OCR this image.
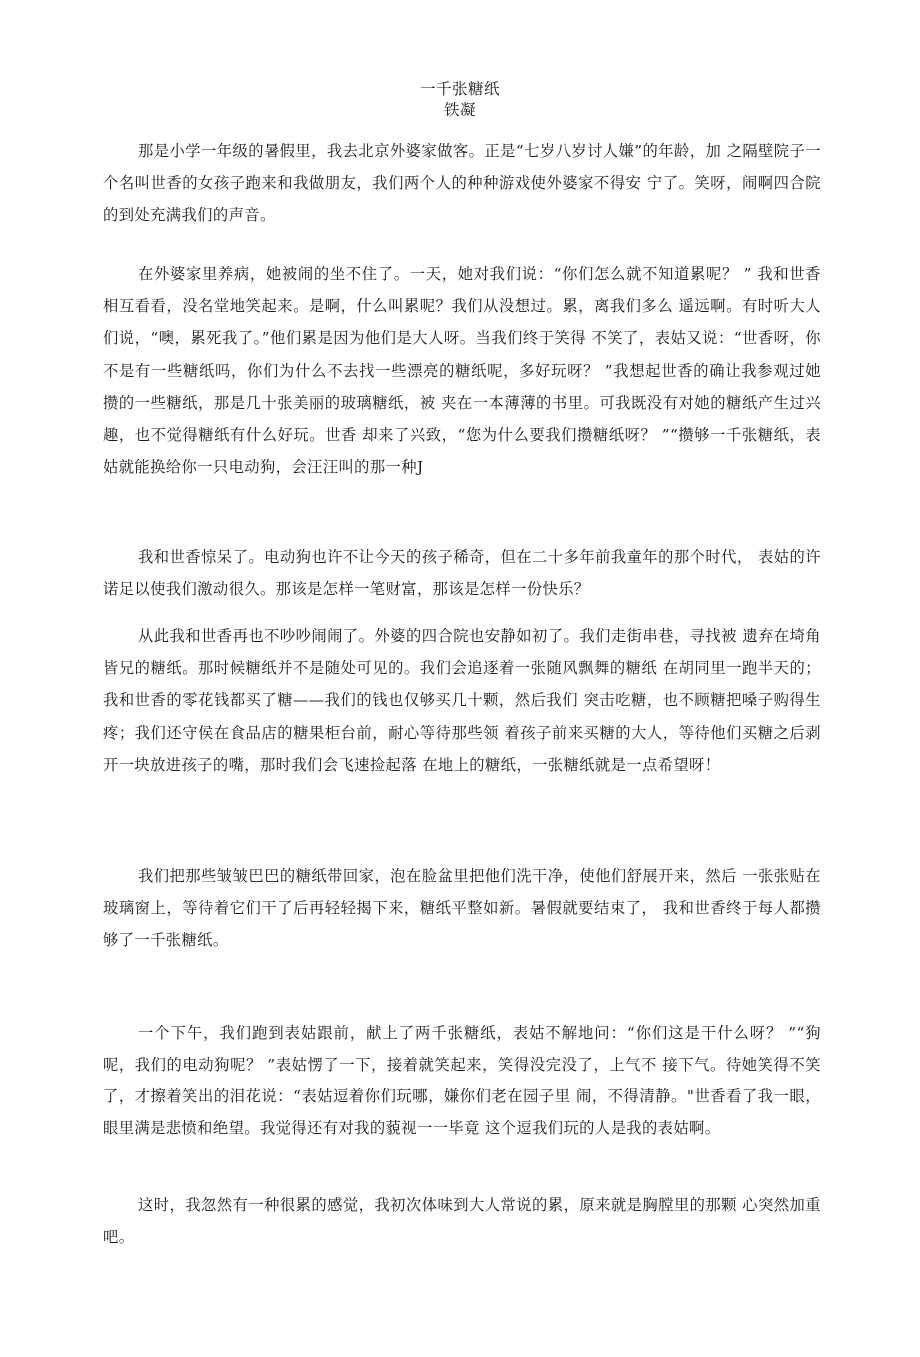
一千张糖纸
铁凝

那是小学一年级的暑假里，我去北京外婆家做客。正是“七岁八岁讨人嫌”的年龄，加 之隔壁院子一个名叫世香的女孩子跑来和我做朋友，我们两个人的种种游戏使外婆家不得安 宁了。笑呀，闹啊四合院的到处充满我们的声音。

在外婆家里养病，她被闹的坐不住了。一天，她对我们说：“你们怎么就不知道累呢？ ” 我和世香相互看看，没名堂地笑起来。是啊，什么叫累呢？我们从没想过。累，离我们多么 遥远啊。有时听大人们说，“噢，累死我了。”他们累是因为他们是大人呀。当我们终于笑得 不笑了，表姑又说：“世香呀，你不是有一些糖纸吗，你们为什么不去找一些漂亮的糖纸呢，多好玩呀？ ”我想起世香的确让我参观过她攒的一些糖纸，那是几十张美丽的玻璃糖纸，被 夹在一本薄薄的书里。可我既没有对她的糖纸产生过兴趣，也不觉得糖纸有什么好玩。世香 却来了兴致，“您为什么要我们攒糖纸呀？ ”“攒够一千张糖纸，表姑就能换给你一只电动狗，会汪汪叫的那一种J

我和世香惊呆了。电动狗也许不让今天的孩子稀奇，但在二十多年前我童年的那个时代， 表姑的许诺足以使我们激动很久。那该是怎样一笔财富，那该是怎样一份快乐？

从此我和世香再也不吵吵闹闹了。外婆的四合院也安静如初了。我们走街串巷，寻找被 遗弃在埼角皆兄的糖纸。那时候糖纸并不是随处可见的。我们会追逐着一张随风飘舞的糖纸 在胡同里一跑半天的；我和世香的零花钱都买了糖——我们的钱也仅够买几十颗，然后我们 突击吃糖，也不顾糖把嗓子购得生疼；我们还守侯在食品店的糖果柜台前，耐心等待那些领 着孩子前来买糖的大人，等待他们买糖之后剥开一块放进孩子的嘴，那时我们会飞速捡起落 在地上的糖纸，一张糖纸就是一点希望呀！

我们把那些皱皱巴巴的糖纸带回家，泡在脸盆里把他们洗干净，使他们舒展开来，然后 一张张贴在玻璃窗上，等待着它们干了后再轻轻揭下来，糖纸平整如新。暑假就要结束了， 我和世香终于每人都攒够了一千张糖纸。

一个下午，我们跑到表姑跟前，献上了两千张糖纸，表姑不解地问：“你们这是干什么呀？ ”“狗呢，我们的电动狗呢？ ”表姑愣了一下，接着就笑起来，笑得没完没了，上气不 接下气。待她笑得不笑了，才擦着笑出的泪花说：“表姑逗着你们玩哪，嫌你们老在园子里 闹，不得清静。"世香看了我一眼，眼里满是悲愤和绝望。我觉得还有对我的藐视一一毕竟 这个逗我们玩的人是我的表姑啊。

这时，我忽然有一种很累的感觉，我初次体味到大人常说的累，原来就是胸膛里的那颗 心突然加重吧。
